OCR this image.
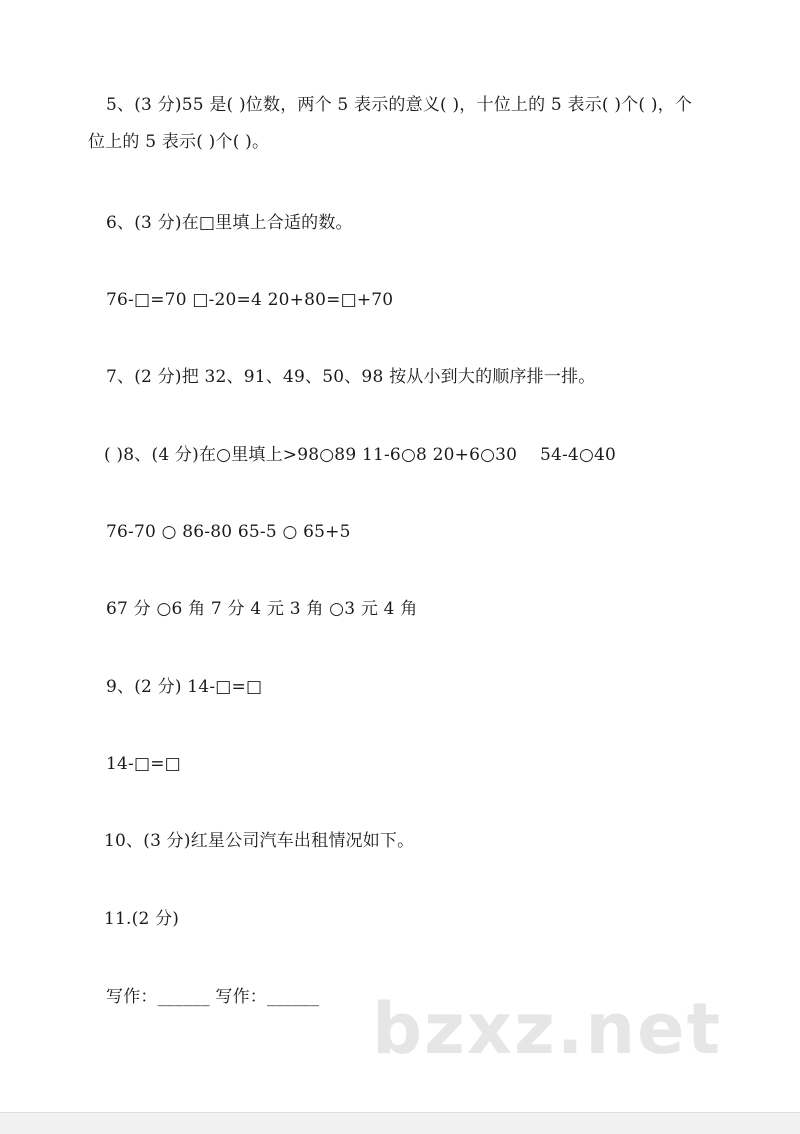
5、(3 分)55 是( )位数，两个 5 表示的意义( )，十位上的 5 表示( )个( )，个
位上的 5 表示( )个( )。
6、(3 分)在□里填上合适的数。
76-□=70 □-20=4 20+80=□+70
7、(2 分)把 32、91、49、50、98 按从小到大的顺序排一排。
( )8、(4 分)在○里填上>98○89 11-6○8 20+6○30　 54-4○40
76-70 ○ 86-80 65-5 ○ 65+5
67 分 ○6 角 7 分 4 元 3 角 ○3 元 4 角
9、(2 分) 14-□=□
14-□=□
10、(3 分)红星公司汽车出租情况如下。
11.(2 分)
写作：______ 写作：______ bzxz.net
